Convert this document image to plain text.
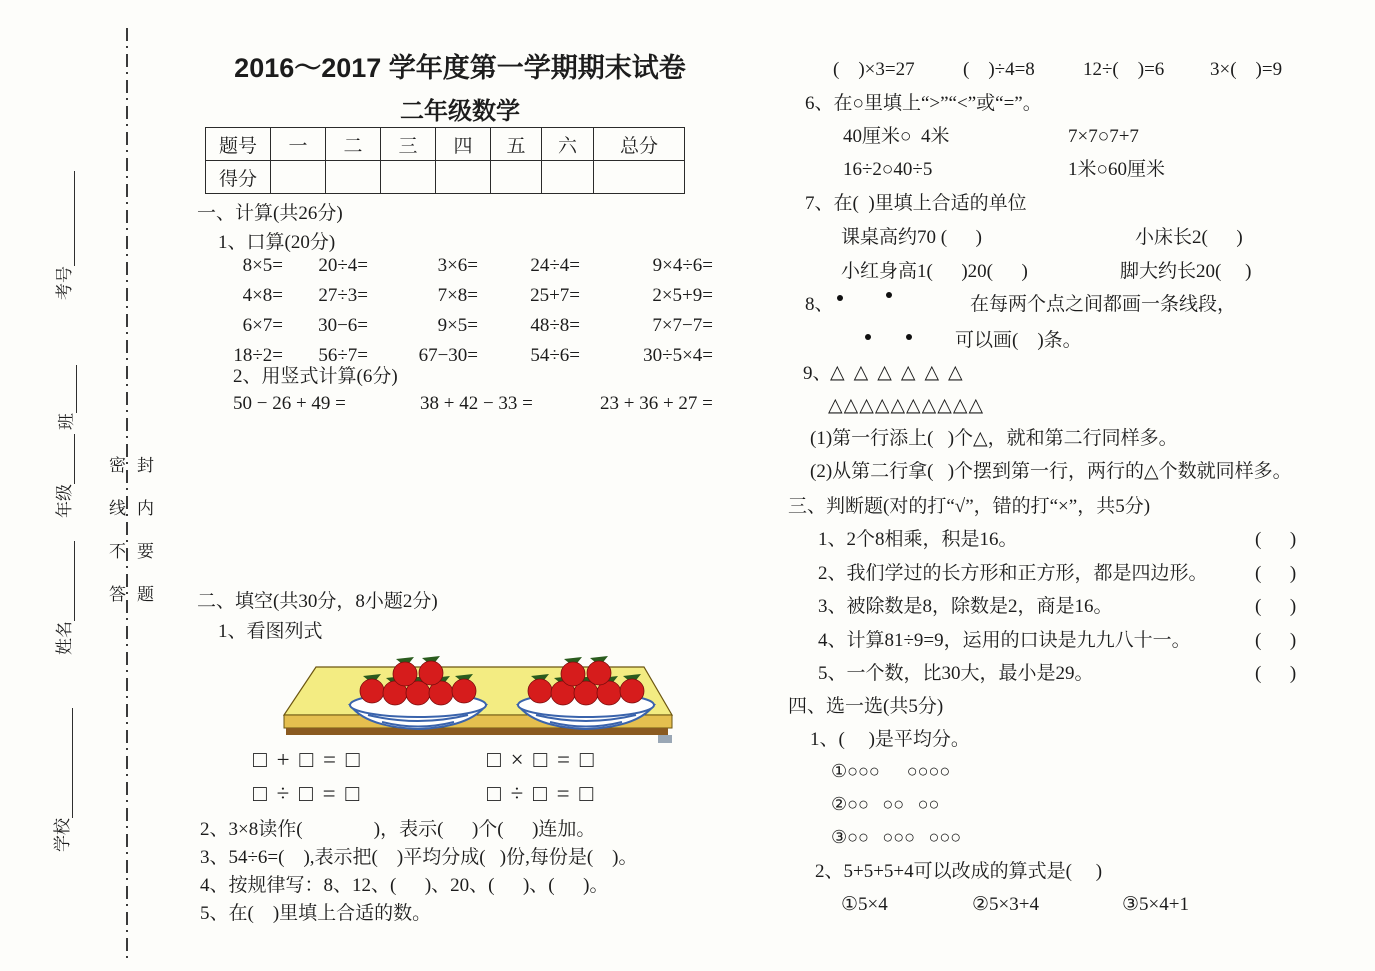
学校
姓名
年级
班
考号
密
线
不
答
封
内
要
题
2016～2017 学年度第一学期期末试卷
二年级数学
题号	一	二	三	四	五	六	总分
得分							
一、计算(共26分)
1、口算(20分)
8×5=	20÷4=	3×6=	24÷4=	9×4÷6=
4×8=	27÷3=	7×8=	25+7=	2×5+9=
6×7=	30−6=	9×5=	48÷8=	7×7−7=
18÷2=	56÷7=	67−30=	54÷6=	30÷5×4=
2、用竖式计算(6分)
50 − 26 + 49 =	38 + 42 − 33 =	23 + 36 + 27 =
二、填空(共30分，8小题2分)
1、看图列式
□ + □ = □	□ × □ = □
□ ÷ □ = □	□ ÷ □ = □
2、3×8读作(               )，表示(      )个(      )连加。
3、54÷6=(    ),表示把(    )平均分成(   )份,每份是(    )。
4、按规律写：8、12、(      )、20、(      )、(      )。
5、在(    )里填上合适的数。
(    )×3=27	(    )÷4=8	12÷(    )=6 3×(    )=9
6、在○里填上“>”“<”或“=”。
40厘米○  4米	7×7○7+7
16÷2○40÷5	1米○60厘米
7、在(  )里填上合适的单位
课桌高约70 (      )	小床长2(      )
小红身高1(      )20(      )	脚大约长20(     )
8、	在每两个点之间都画一条线段，
可以画(    )条。
9、
△△△△△△
△△△△△△△△△△
(1)第一行添上(   )个△，就和第二行同样多。
(2)从第二行拿(   )个摆到第一行，两行的△个数就同样多。
三、判断题(对的打“√”，错的打“×”，共5分)
1、2个8相乘，积是16。	(      )
2、我们学过的长方形和正方形，都是四边形。 (      )
3、被除数是8，除数是2，商是16。	(      )
4、计算81÷9=9，运用的口诀是九九八十一。	(      )
5、一个数，比30大，最小是29。	(      )
四、选一选(共5分)
1、(     )是平均分。
①○○○      ○○○○
②○○   ○○   ○○
③○○   ○○○   ○○○
2、5+5+5+4可以改成的算式是(     )
①5×4	②5×3+4	③5×4+1
